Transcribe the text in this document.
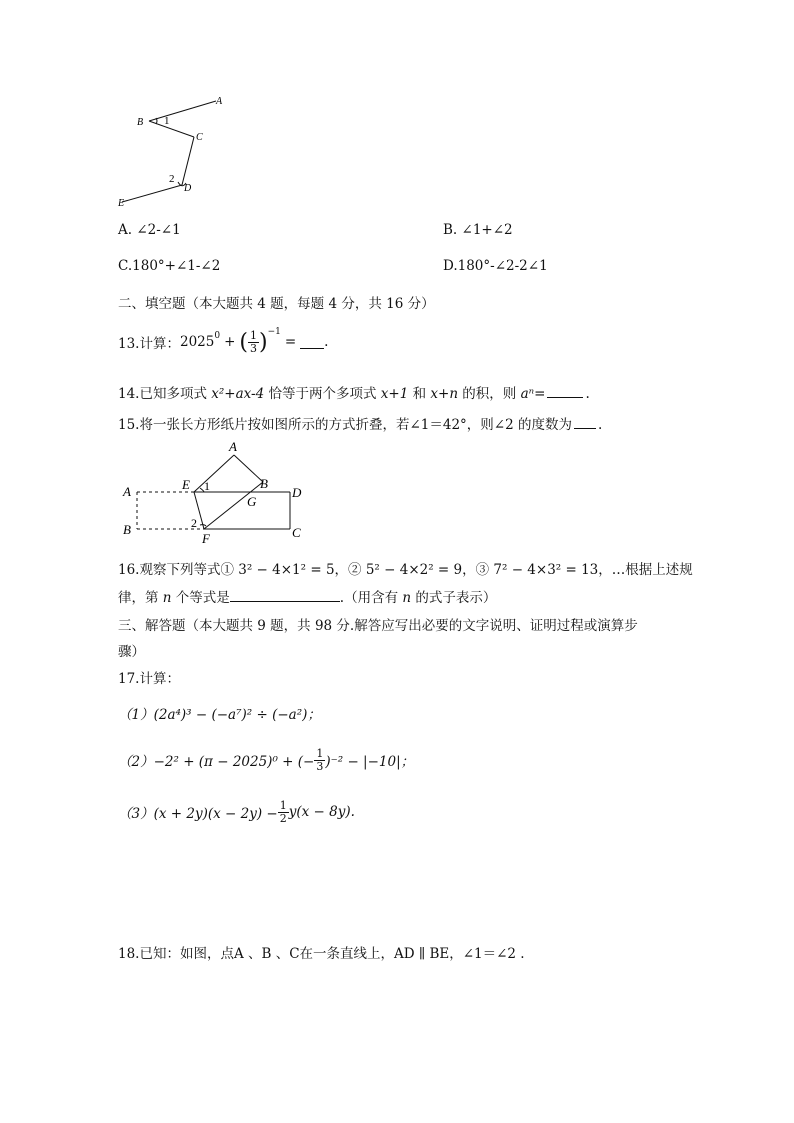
A
B 1
C
2
D
E
A. ∠2-∠1	B. ∠1+∠2
C.180°+∠1-∠2	D.180°-∠2-2∠1
二、填空题（本大题共 4 题，每题 4 分，共 16 分）
13.计算： $2025^0$ + ( $\frac{1}{3} )^{-1}$
= .
14.已知多项式 x²+ax-4 恰等于两个多项式 x+1 和 x+n 的积，则 aⁿ=	.
15.将一张长方形纸片按如图所示的方式折叠，若∠1＝42°，则∠2 的度数为 .
A
A	E 1	B
D
G
B	2
F	C
16.观察下列等式① 3² − 4×1² = 5，② 5² − 4×2² = 9，③ 7² − 4×3² = 13，…根据上述规
律，第 n 个等式是	.（用含有 n 的式子表示）
三、解答题（本大题共 9 题，共 98 分.解答应写出必要的文字说明、证明过程或演算步
骤）
17.计算：
（1）(2a⁴)³ − (−a⁷)² ÷ (−a²)；
（2）−2² + (π − 2025)⁰ + (− $\frac{1}{3} )^{-2} - |-10|$；
$(3)(x + 2y)(x - 2y) - \frac{1}{2} y(x - 8y)$.
18.已知：如图，点A 、B 、C在一条直线上，AD ∥ BE，∠1＝∠2 .
